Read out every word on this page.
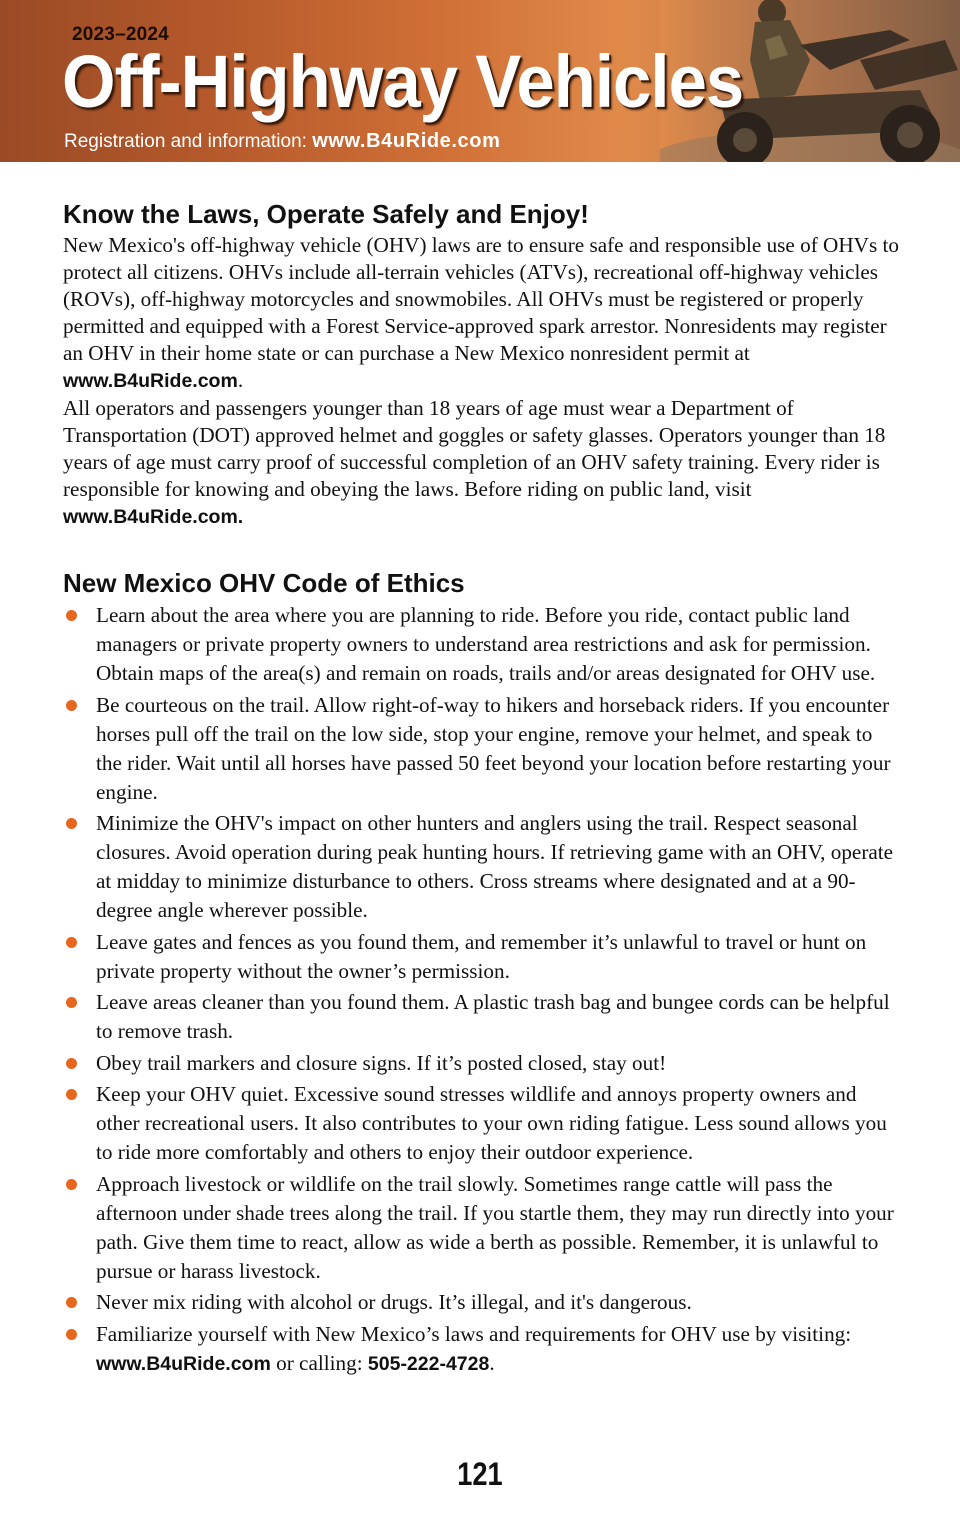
2023–2024
Off-Highway Vehicles
Registration and information: www.B4uRide.com
Know the Laws, Operate Safely and Enjoy!

New Mexico's off-highway vehicle (OHV) laws are to ensure safe and responsible use of OHVs to protect all citizens. OHVs include all-terrain vehicles (ATVs), recreational off-highway vehicles (ROVs), off-highway motorcycles and snowmobiles. All OHVs must be registered or properly permitted and equipped with a Forest Service-approved spark arrestor. Nonresidents may register an OHV in their home state or can purchase a New Mexico nonresident permit at www.B4uRide.com.

All operators and passengers younger than 18 years of age must wear a Department of Transportation (DOT) approved helmet and goggles or safety glasses. Operators younger than 18 years of age must carry proof of successful completion of an OHV safety training. Every rider is responsible for knowing and obeying the laws. Before riding on public land, visit www.B4uRide.com.

New Mexico OHV Code of Ethics
Learn about the area where you are planning to ride. Before you ride, contact public land managers or private property owners to understand area restrictions and ask for permission. Obtain maps of the area(s) and remain on roads, trails and/or areas designated for OHV use.
Be courteous on the trail. Allow right-of-way to hikers and horseback riders. If you encounter horses pull off the trail on the low side, stop your engine, remove your helmet, and speak to the rider. Wait until all horses have passed 50 feet beyond your location before restarting your engine.
Minimize the OHV's impact on other hunters and anglers using the trail. Respect seasonal closures. Avoid operation during peak hunting hours. If retrieving game with an OHV, operate at midday to minimize disturbance to others. Cross streams where designated and at a 90-degree angle wherever possible.
Leave gates and fences as you found them, and remember it’s unlawful to travel or hunt on private property without the owner’s permission.
Leave areas cleaner than you found them. A plastic trash bag and bungee cords can be helpful to remove trash.
Obey trail markers and closure signs. If it’s posted closed, stay out!
Keep your OHV quiet. Excessive sound stresses wildlife and annoys property owners and other recreational users. It also contributes to your own riding fatigue. Less sound allows you to ride more comfortably and others to enjoy their outdoor experience.
Approach livestock or wildlife on the trail slowly. Sometimes range cattle will pass the afternoon under shade trees along the trail. If you startle them, they may run directly into your path. Give them time to react, allow as wide a berth as possible. Remember, it is unlawful to pursue or harass livestock.
Never mix riding with alcohol or drugs. It’s illegal, and it's dangerous.
Familiarize yourself with New Mexico’s laws and requirements for OHV use by visiting: www.B4uRide.com or calling: 505-222-4728.
121
